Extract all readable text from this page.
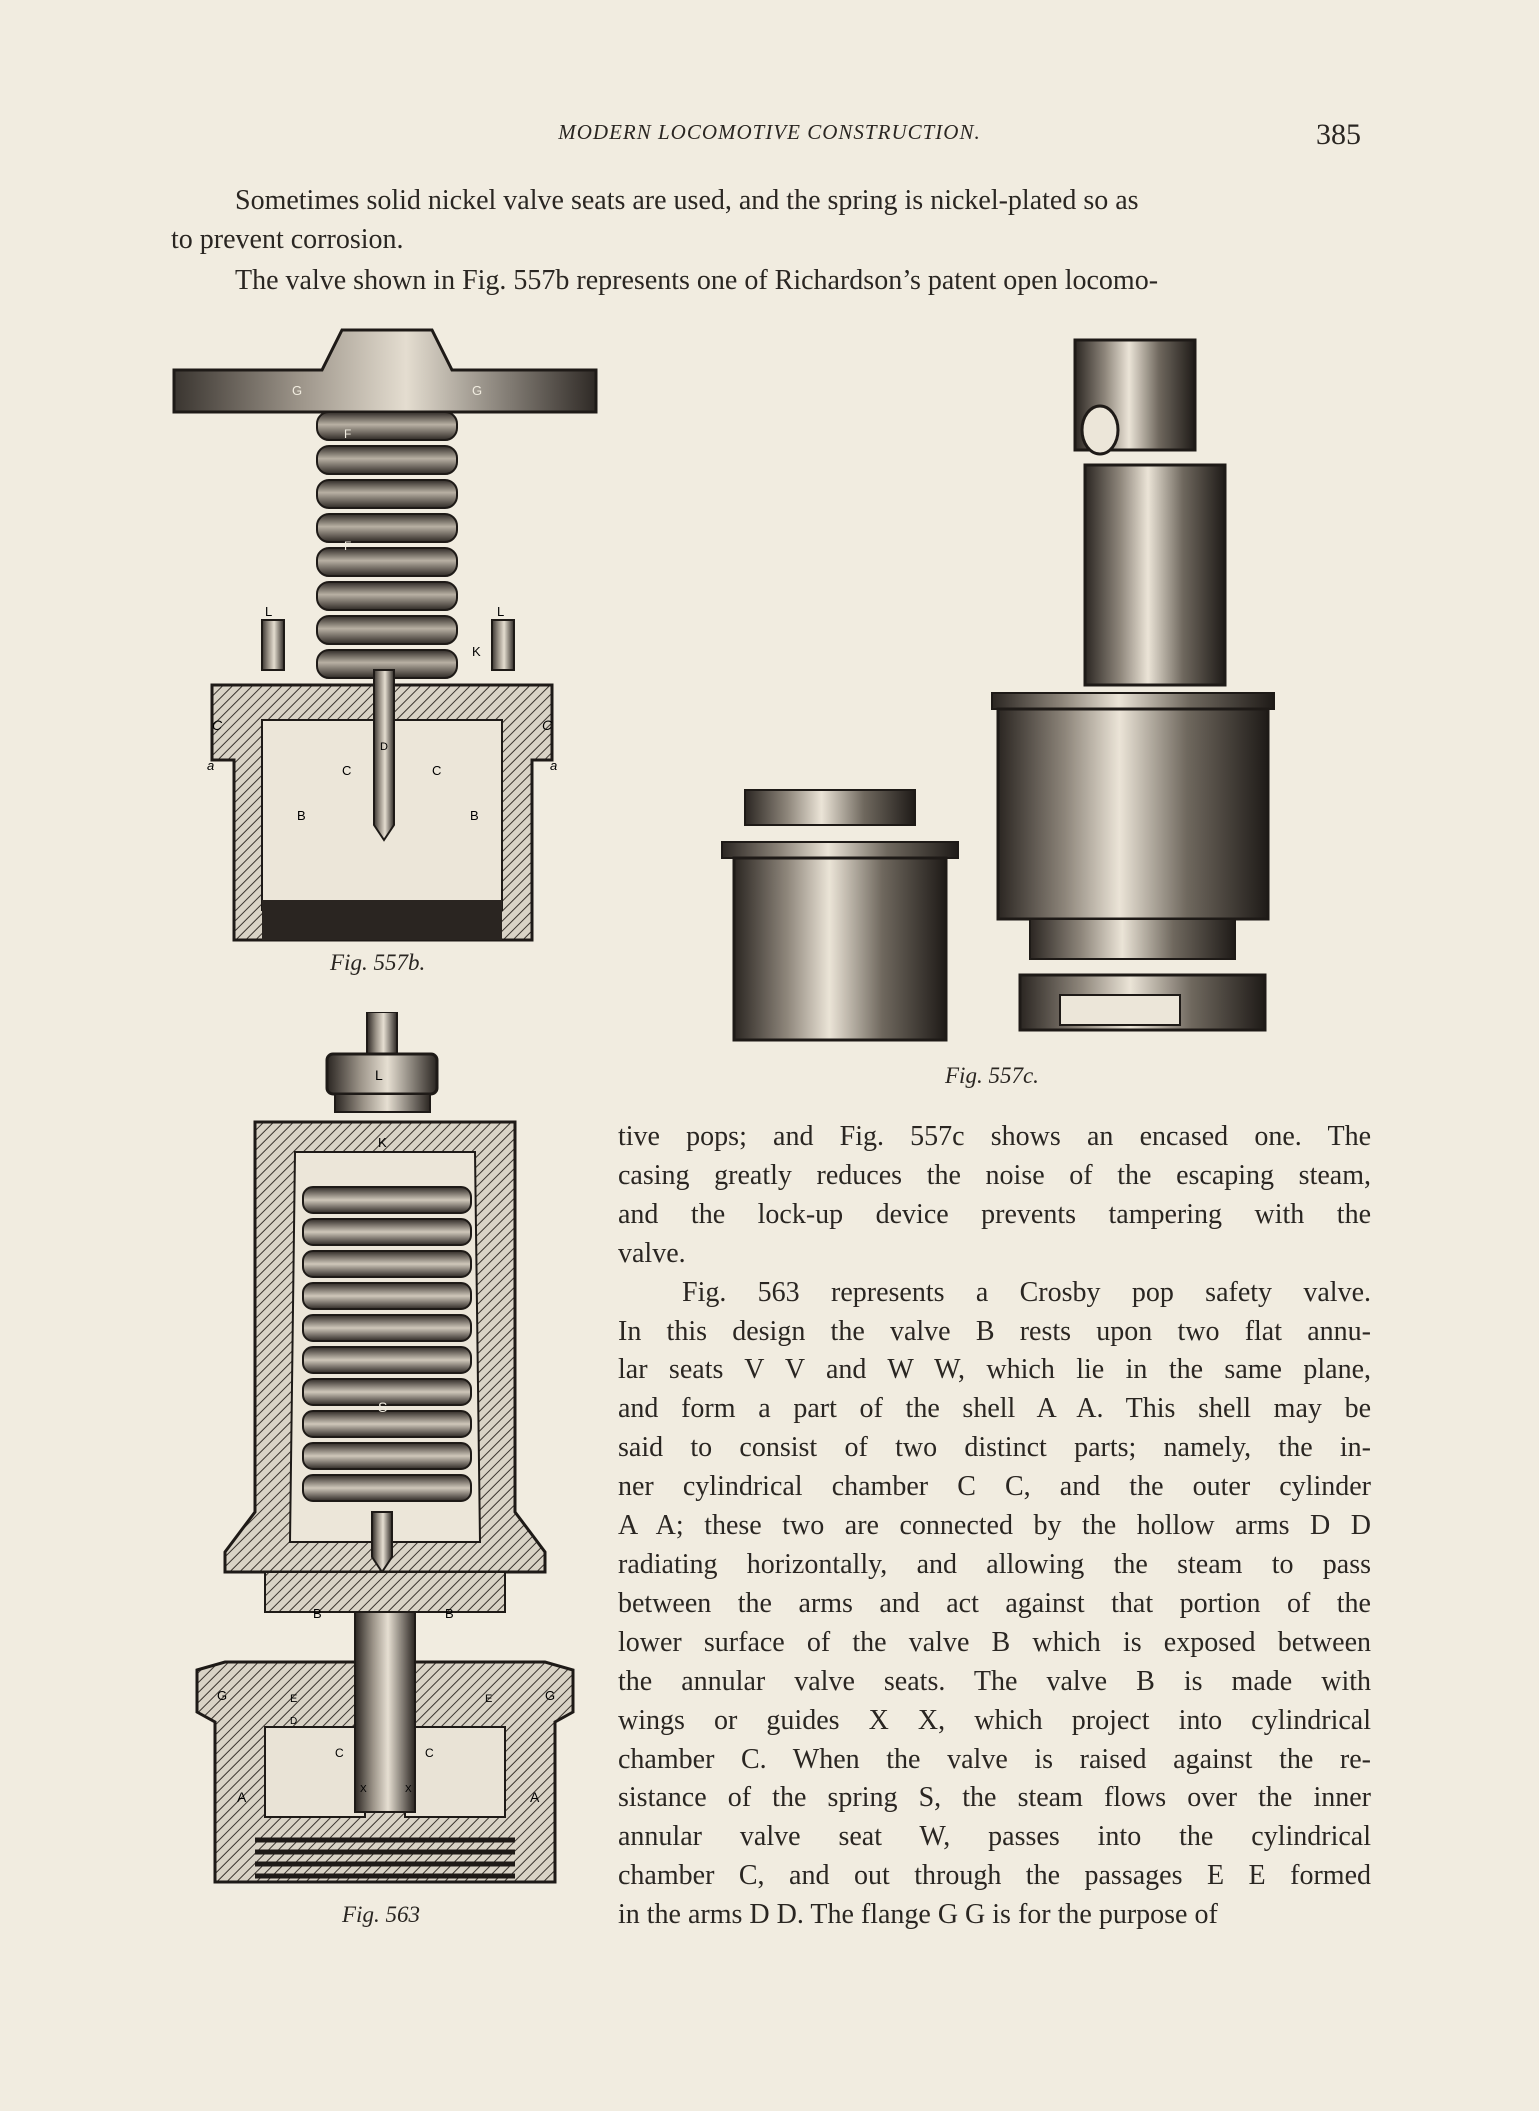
MODERN LOCOMOTIVE CONSTRUCTION.	385

Sometimes solid nickel valve seats are used, and the spring is nickel-plated so as

to prevent corrosion.

The valve shown in Fig. 557b represents one of Richardson’s patent open locomo-

G	G
F
F
L	L
K
C	C
a	a
C	C
B	B
D
Fig. 557b.
Fig. 557c.
L
K
S
B	B
G	G
E	E
D
C	C
X	X
A	A
Fig. 563
tive pops; and Fig. 557c shows an encased one. The
casing greatly reduces the noise of the escaping steam,
and the lock-up device prevents tampering with the
valve.
Fig. 563 represents a Crosby pop safety valve.
In this design the valve B rests upon two flat annu-
lar seats V V and W W, which lie in the same plane,
and form a part of the shell A A. This shell may be
said to consist of two distinct parts; namely, the in-
ner cylindrical chamber C C, and the outer cylinder
A A; these two are connected by the hollow arms D D
radiating horizontally, and allowing the steam to pass
between the arms and act against that portion of the
lower surface of the valve B which is exposed between
the annular valve seats. The valve B is made with
wings or guides X X, which project into cylindrical
chamber C. When the valve is raised against the re-
sistance of the spring S, the steam flows over the inner
annular valve seat W, passes into the cylindrical
chamber C, and out through the passages E E formed
in the arms D D. The flange G G is for the purpose of
